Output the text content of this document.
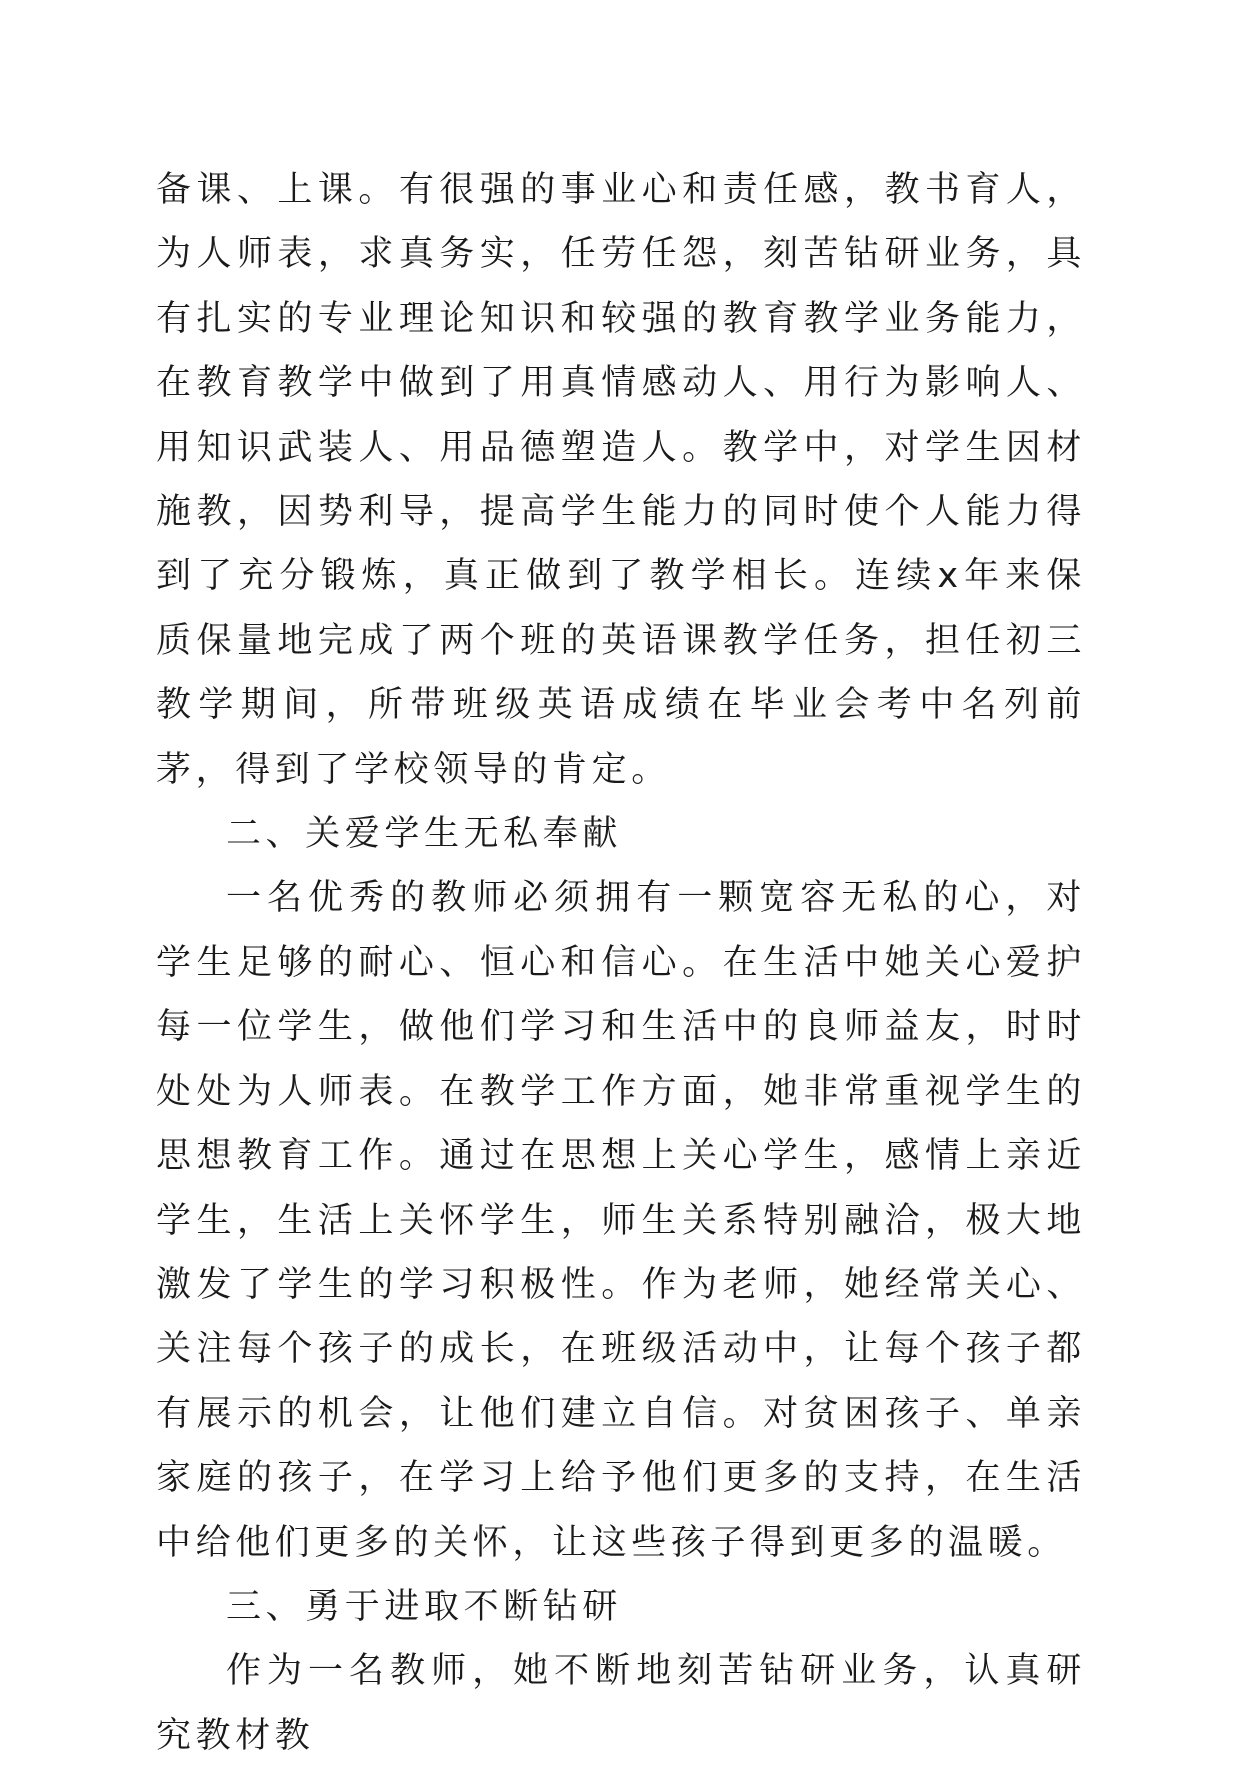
备课、上课。有很强的事业心和责任感，教书育人，为人师表，求真务实，任劳任怨，刻苦钻研业务，具有扎实的专业理论知识和较强的教育教学业务能力，在教育教学中做到了用真情感动人、用行为影响人、用知识武装人、用品德塑造人。教学中，对学生因材施教，因势利导，提高学生能力的同时使个人能力得到了充分锻炼，真正做到了教学相长。连续x年来保质保量地完成了两个班的英语课教学任务，担任初三教学期间，所带班级英语成绩在毕业会考中名列前茅，得到了学校领导的肯定。

二、关爱学生无私奉献

一名优秀的教师必须拥有一颗宽容无私的心，对学生足够的耐心、恒心和信心。在生活中她关心爱护每一位学生，做他们学习和生活中的良师益友，时时处处为人师表。在教学工作方面，她非常重视学生的思想教育工作。通过在思想上关心学生，感情上亲近学生，生活上关怀学生，师生关系特别融洽，极大地激发了学生的学习积极性。作为老师，她经常关心、关注每个孩子的成长，在班级活动中，让每个孩子都有展示的机会，让他们建立自信。对贫困孩子、单亲家庭的孩子，在学习上给予他们更多的支持，在生活中给他们更多的关怀，让这些孩子得到更多的温暖。

三、勇于进取不断钻研

作为一名教师，她不断地刻苦钻研业务，认真研究教材教
